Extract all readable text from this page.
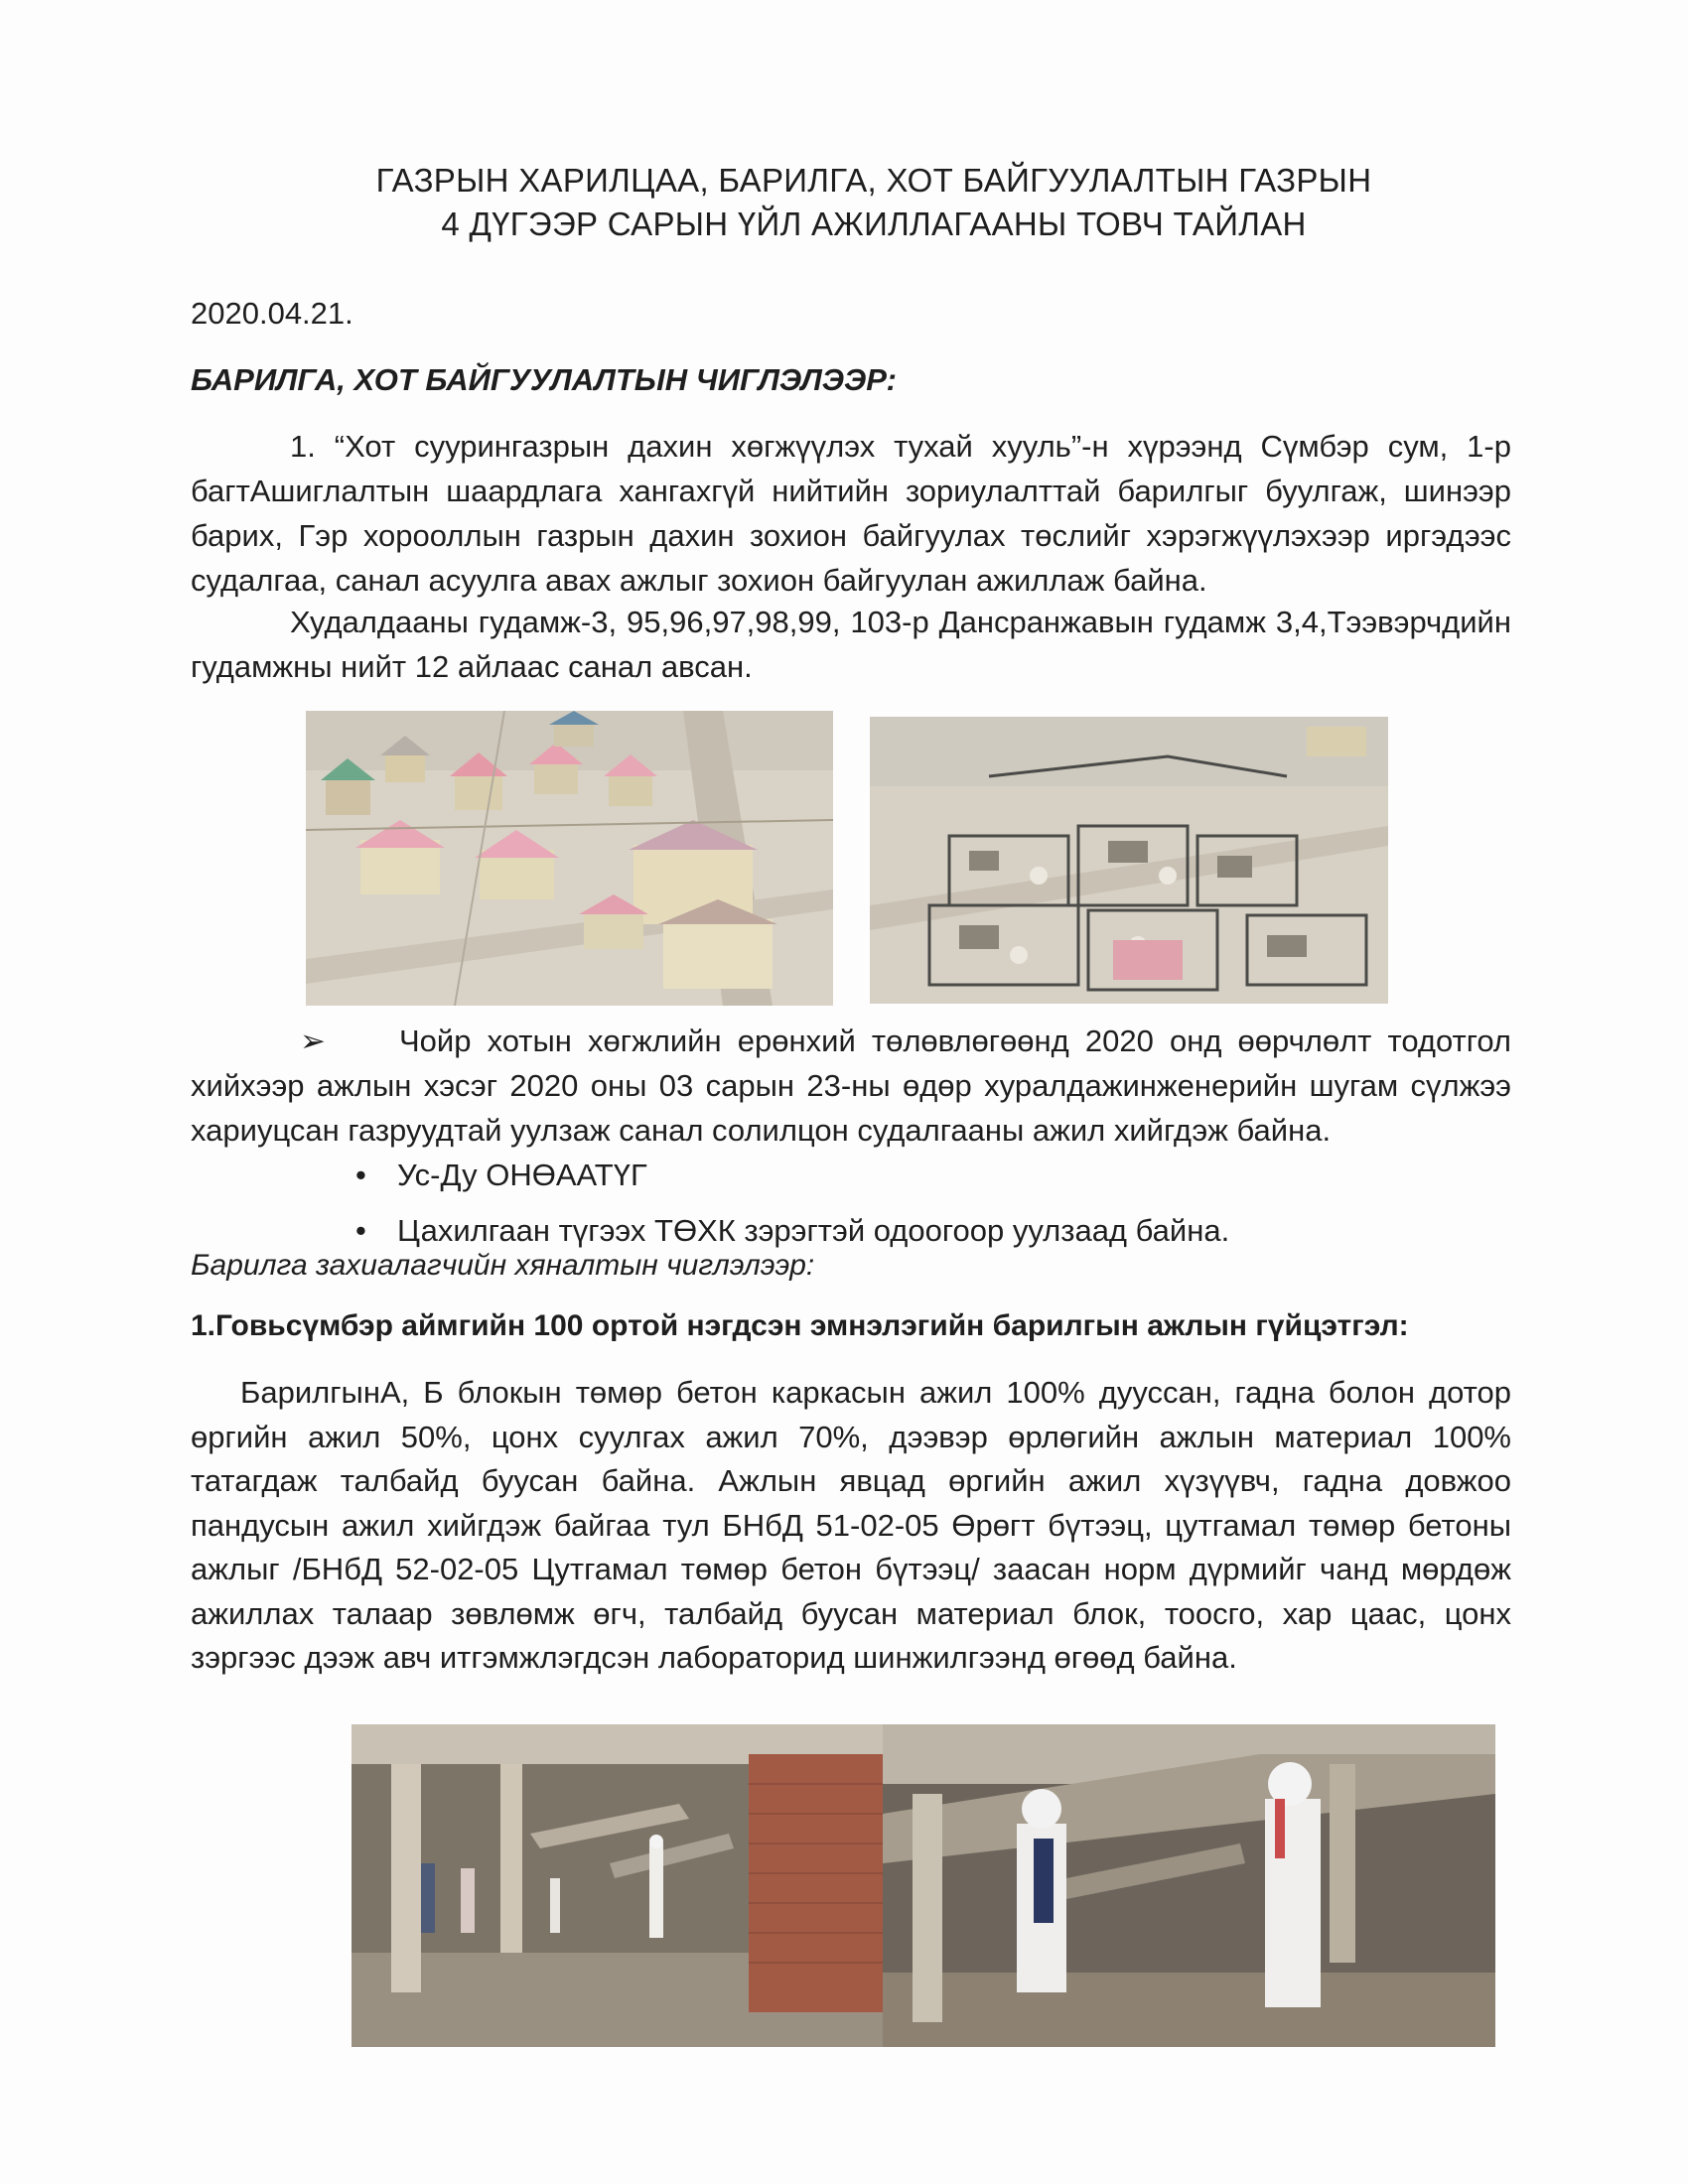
ГАЗРЫН ХАРИЛЦАА, БАРИЛГА, ХОТ БАЙГУУЛАЛТЫН ГАЗРЫН
4 ДҮГЭЭР САРЫН ҮЙЛ АЖИЛЛАГААНЫ ТОВЧ ТАЙЛАН
2020.04.21.
БАРИЛГА, ХОТ БАЙГУУЛАЛТЫН ЧИГЛЭЛЭЭР:
1. “Хот суурингазрын дахин хөгжүүлэх тухай хууль”-н хүрээнд Сүмбэр сум, 1-р багтАшиглалтын шаардлага хангахгүй нийтийн зориулалттай барилгыг буулгаж, шинээр барих, Гэр хорооллын газрын дахин зохион байгуулах төслийг хэрэгжүүлэхээр иргэдээс судалгаа, санал асуулга авах ажлыг зохион байгуулан ажиллаж байна.
Худалдааны гудамж-3, 95,96,97,98,99, 103-р Дансранжавын гудамж 3,4,Тээвэрчдийн гудамжны нийт 12 айлаас санал авсан.
➢ Чойр хотын хөгжлийн ерөнхий төлөвлөгөөнд 2020 онд өөрчлөлт тодотгол хийхээр ажлын хэсэг 2020 оны 03 сарын 23-ны өдөр хуралдажинженерийн шугам сүлжээ хариуцсан газруудтай уулзаж санал солилцон судалгааны ажил хийгдэж байна.
• Ус-Ду ОНӨААТҮГ
• Цахилгаан түгээх ТӨХК зэрэгтэй одоогоор уулзаад байна.
Барилга захиалагчийн хяналтын чиглэлээр:
1.Говьсүмбэр аймгийн 100 ортой нэгдсэн эмнэлэгийн барилгын ажлын гүйцэтгэл:
БарилгынА, Б блокын төмөр бетон каркасын ажил 100% дууссан, гадна болон дотор өргийн ажил 50%, цонх суулгах ажил 70%, дээвэр өрлөгийн ажлын материал 100% татагдаж талбайд буусан байна. Ажлын явцад өргийн ажил хүзүүвч, гадна довжоо пандусын ажил хийгдэж байгаа тул БНбД 51-02-05 Өрөгт бүтээц, цутгамал төмөр бетоны ажлыг /БНбД 52-02-05 Цутгамал төмөр бетон бүтээц/ заасан норм дүрмийг чанд мөрдөж ажиллах талаар зөвлөмж өгч, талбайд буусан материал блок, тоосго, хар цаас, цонх зэргээс дээж авч итгэмжлэгдсэн лабораторид шинжилгээнд өгөөд байна.
